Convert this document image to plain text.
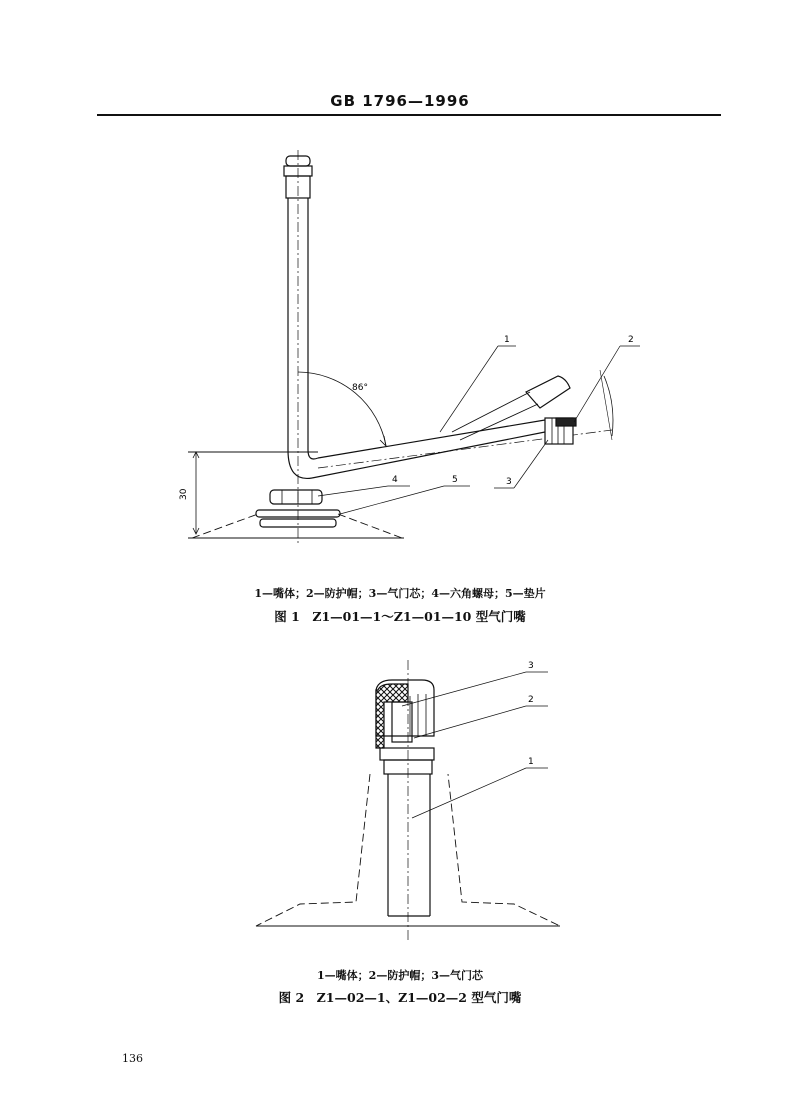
GB 1796—1996
86°
30
1	2
3
4	5
1—嘴体；2—防护帽；3—气门芯；4—六角螺母；5—垫片
图 1　Z1—01—1～Z1—01—10 型气门嘴
3
2
1
1—嘴体；2—防护帽；3—气门芯
图 2　Z1—02—1、Z1—02—2 型气门嘴
136
